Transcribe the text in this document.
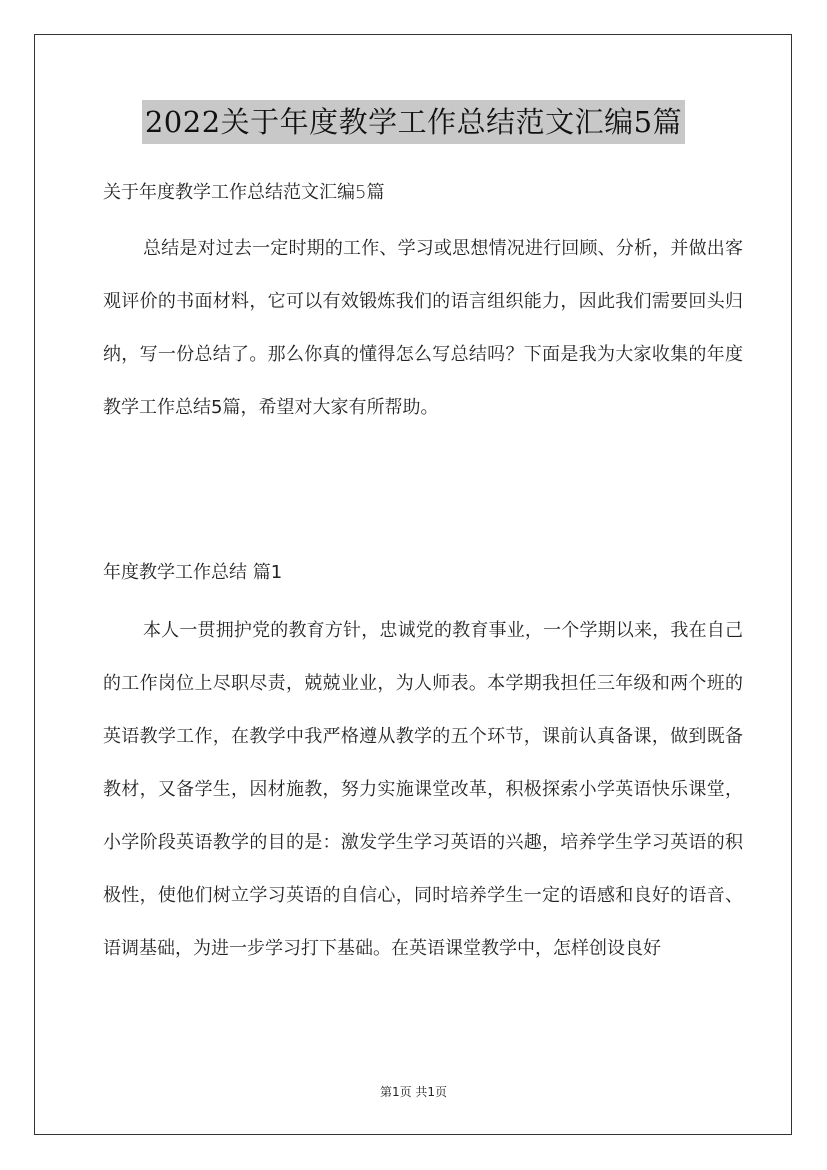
2022关于年度教学工作总结范文汇编5篇

关于年度教学工作总结范文汇编5篇

总结是对过去一定时期的工作、学习或思想情况进行回顾、分析，并做出客观评价的书面材料，它可以有效锻炼我们的语言组织能力，因此我们需要回头归纳，写一份总结了。那么你真的懂得怎么写总结吗？下面是我为大家收集的年度教学工作总结5篇，希望对大家有所帮助。

年度教学工作总结 篇1

本人一贯拥护党的教育方针，忠诚党的教育事业，一个学期以来，我在自己的工作岗位上尽职尽责，兢兢业业，为人师表。本学期我担任三年级和两个班的英语教学工作，在教学中我严格遵从教学的五个环节，课前认真备课，做到既备教材，又备学生，因材施教，努力实施课堂改革，积极探索小学英语快乐课堂，小学阶段英语教学的目的是：激发学生学习英语的兴趣，培养学生学习英语的积极性，使他们树立学习英语的自信心，同时培养学生一定的语感和良好的语音、语调基础，为进一步学习打下基础。在英语课堂教学中，怎样创设良好

第1页 共1页
